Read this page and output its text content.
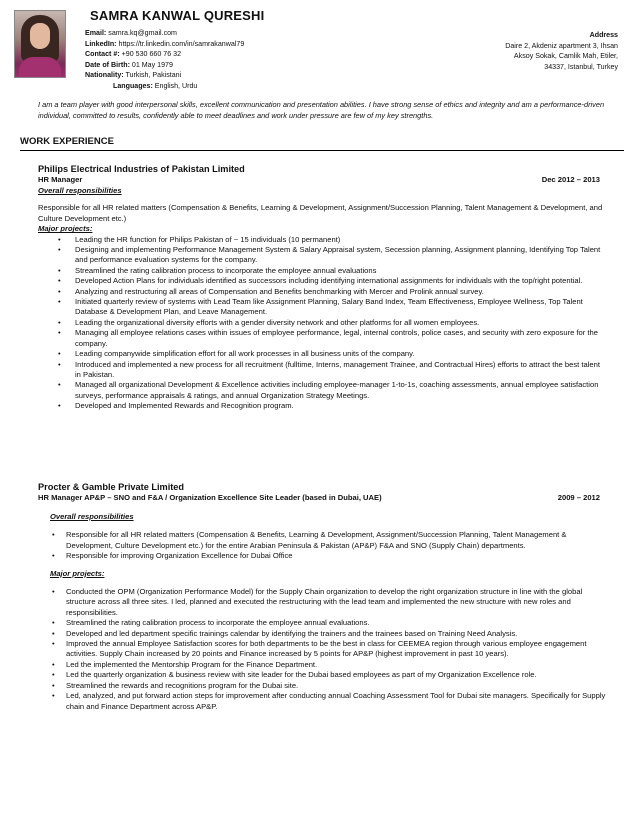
SAMRA KANWAL QURESHI
Email: samra.kq@gmail.com
LinkedIn: https://tr.linkedin.com/in/samrakanwal79
Contact #: +90 530 660 76 32
Date of Birth: 01 May 1979
Nationality: Turkish, Pakistani
Languages: English, Urdu
Address
Daire 2, Akdeniz apartment 3, Ihsan
Aksoy Sokak, Camlik Mah, Etiler,
34337, Istanbul, Turkey
I am a team player with good interpersonal skills, excellent communication and presentation abilities. I have strong sense of ethics and integrity and am a performance-driven individual, committed to results, confidently able to meet deadlines and work under pressure are few of my key strengths.
WORK EXPERIENCE
Philips Electrical Industries of Pakistan Limited
HR Manager	Dec 2012 – 2013
Overall responsibilities

Responsible for all HR related matters (Compensation & Benefits, Learning & Development, Assignment/Succession Planning, Talent Management & Development, and Culture Development etc.)

Major projects:
• Leading the HR function for Philips Pakistan of ~ 15 individuals (10 permanent)
• Designing and implementing Performance Management System & Salary Appraisal system, Secession planning, Assignment planning, Identifying Top Talent and performance evaluation systems for the company.
• Streamlined the rating calibration process to incorporate the employee annual evaluations
• Developed Action Plans for individuals identified as successors including identifying international assignments for individuals with the top/right potential.
• Analyzing and restructuring all areas of Compensation and Benefits benchmarking with Mercer and Prolink annual survey.
• Initiated quarterly review of systems with Lead Team like Assignment Planning, Salary Band Index, Team Effectiveness, Employee Wellness, Top Talent Database & Development Plan, and Leave Management.
• Leading the organizational diversity efforts with a gender diversity network and other platforms for all women employees.
• Managing all employee relations cases within issues of employee performance, legal, internal controls, police cases, and security with zero exposure for the company.
• Leading companywide simplification effort for all work processes in all business units of the company.
• Introduced and implemented a new process for all recruitment (fulltime, Interns, management Trainee, and Contractual Hires) efforts to attract the best talent in Pakistan.
• Managed all organizational Development & Excellence activities including employee-manager 1-to-1s, coaching assessments, annual employee satisfaction surveys, performance appraisals & ratings, and annual Organization Strategy Meetings.
• Developed and Implemented Rewards and Recognition program.
Procter & Gamble Private Limited
HR Manager AP&P – SNO and F&A / Organization Excellence Site Leader (based in Dubai, UAE)	2009 – 2012
Overall responsibilities
• Responsible for all HR related matters (Compensation & Benefits, Learning & Development, Assignment/Succession Planning, Talent Management & Development, Culture Development etc.) for the entire Arabian Peninsula & Pakistan (AP&P) F&A and SNO (Supply Chain) departments.
• Responsible for improving Organization Excellence for Dubai Office
Major projects:
• Conducted the OPM (Organization Performance Model) for the Supply Chain organization to develop the right organization structure in line with the global structure across all three sites. I led, planned and executed the restructuring with the lead team and implemented the new structure with new roles and responsibilities.
• Streamlined the rating calibration process to incorporate the employee annual evaluations.
• Developed and led department specific trainings calendar by identifying the trainers and the trainees based on Training Need Analysis.
• Improved the annual Employee Satisfaction scores for both departments to be the best in class for CEEMEA region through various employee engagement activities. Supply Chain increased by 20 points and Finance increased by 5 points for AP&P (highest improvement in past 10 years).
• Led the implemented the Mentorship Program for the Finance Department.
• Led the quarterly organization & business review with site leader for the Dubai based employees as part of my Organization Excellence role.
• Streamlined the rewards and recognitions program for the Dubai site.
• Led, analyzed, and put forward action steps for improvement after conducting annual Coaching Assessment Tool for Dubai site managers. Specifically for Supply chain and Finance Department across AP&P.
